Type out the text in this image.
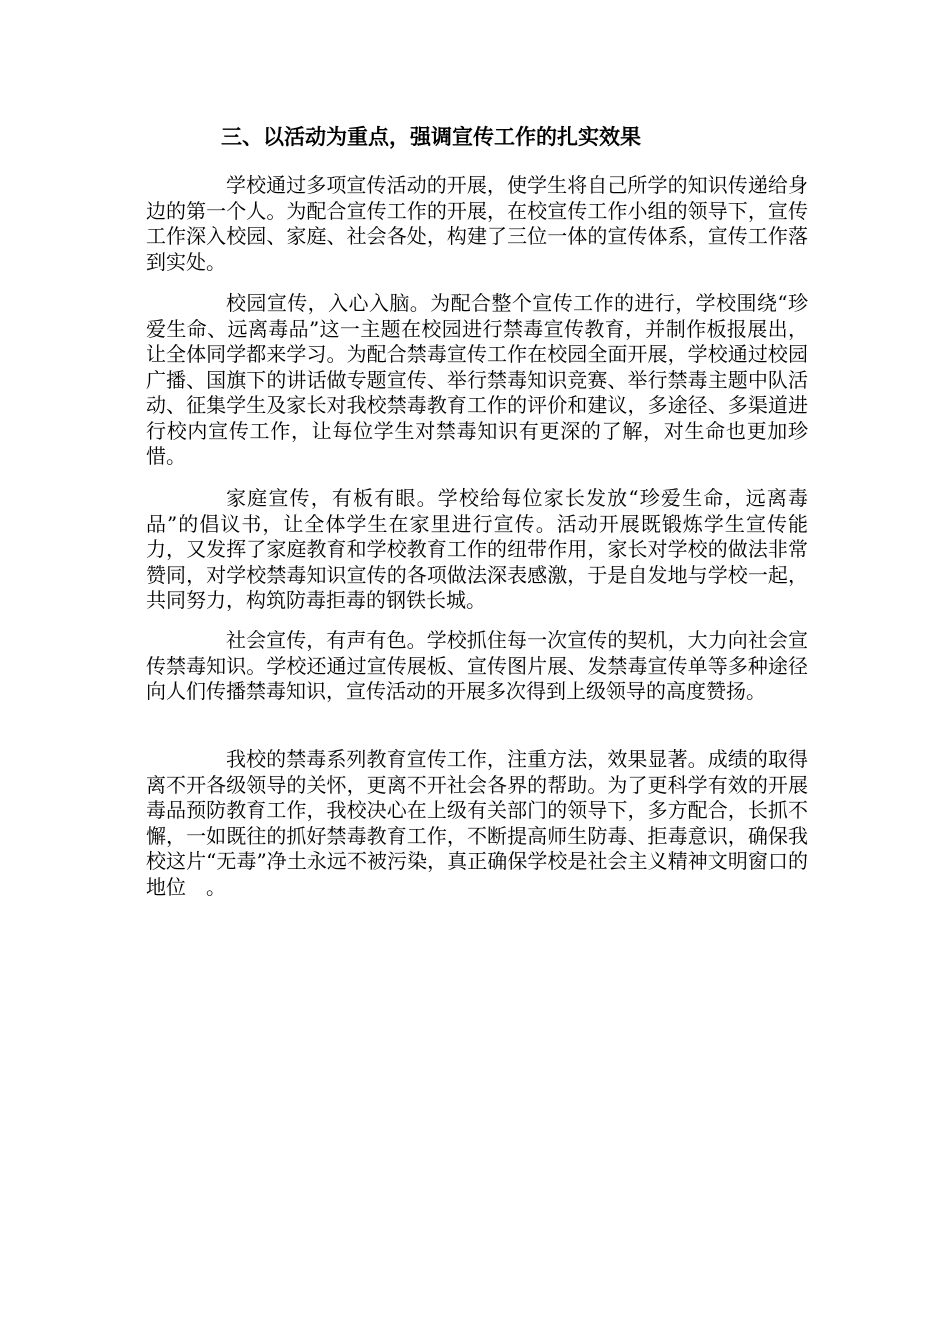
三、以活动为重点，强调宣传工作的扎实效果

学校通过多项宣传活动的开展，使学生将自己所学的知识传递给身边的第一个人。为配合宣传工作的开展，在校宣传工作小组的领导下，宣传工作深入校园、家庭、社会各处，构建了三位一体的宣传体系，宣传工作落到实处。

校园宣传，入心入脑。为配合整个宣传工作的进行，学校围绕“珍爱生命、远离毒品”这一主题在校园进行禁毒宣传教育，并制作板报展出，让全体同学都来学习。为配合禁毒宣传工作在校园全面开展，学校通过校园广播、国旗下的讲话做专题宣传、举行禁毒知识竞赛、举行禁毒主题中队活动、征集学生及家长对我校禁毒教育工作的评价和建议，多途径、多渠道进行校内宣传工作，让每位学生对禁毒知识有更深的了解，对生命也更加珍惜。

家庭宣传，有板有眼。学校给每位家长发放“珍爱生命，远离毒品”的倡议书，让全体学生在家里进行宣传。活动开展既锻炼学生宣传能力，又发挥了家庭教育和学校教育工作的纽带作用，家长对学校的做法非常赞同，对学校禁毒知识宣传的各项做法深表感激，于是自发地与学校一起，共同努力，构筑防毒拒毒的钢铁长城。

社会宣传，有声有色。学校抓住每一次宣传的契机，大力向社会宣传禁毒知识。学校还通过宣传展板、宣传图片展、发禁毒宣传单等多种途径向人们传播禁毒知识，宣传活动的开展多次得到上级领导的高度赞扬。

我校的禁毒系列教育宣传工作，注重方法，效果显著。成绩的取得离不开各级领导的关怀，更离不开社会各界的帮助。为了更科学有效的开展毒品预防教育工作，我校决心在上级有关部门的领导下，多方配合，长抓不懈，一如既往的抓好禁毒教育工作，不断提高师生防毒、拒毒意识，确保我校这片“无毒”净土永远不被污染，真正确保学校是社会主义精神文明窗口的地位　。
